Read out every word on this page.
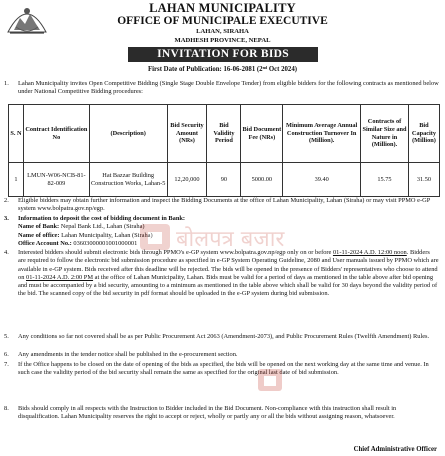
LAHAN MUNICIPALITY
OFFICE OF MUNICIPALE EXECUTIVE
LAHAN, SIRAHA
MADHESH PROVINCE, NEPAL
INVITATION FOR BIDS
First Date of Publication: 16-06-2081 (2ⁿᵈ Oct 2024)
1.	Lahan Municipality invites Open Competitive Bidding (Single Stage Double Envelope Tender) from eligible bidders for the following contracts as mentioned below under National Competitive Bidding procedures:
S. N	Contract Identification No	(Description)	Bid Security Amount (NRs)	Bid Validity Period	Bid Document Fee (NRs)	Minimum Average Annual Construction Turnover In (Million).	Contracts of Similar Size and Nature in (Million).	Bid Capacity (Million)
1	LMUN-W06-NCB-81-82-009	Hat Bazzar Building Construction Works, Lahan-5	12,20,000	90	5000.00	39.40	15.75	31.50
2.	Eligible bidders may obtain further information and inspect the Bidding Documents at the office of Lahan Municipality, Lahan (Siraha) or may visit PPMO e-GP system www.bolpatra.gov.np/egp.
3.	Information to deposit the cost of bidding document in Bank:
Name of Bank: Nepal Bank Ltd., Lahan (Siraha)
Name of office: Lahan Municipality, Lahan (Siraha)
Office Account No.: 03603000001001000001	बोलपत्र बजार
4.	Interested bidders should submit electronic bids through PPMO's e-GP system www.bolpatra.gov.np/egp only on or before 01-11-2024 A.D. 12:00 noon. Bidders are required to follow the electronic bid submission procedure as specified in e-GP System Operating Guideline, 2080 and User manuals issued by PPMO which are available in e-GP system. Bids received after this deadline will be rejected. The bids will be opened in the presence of Bidders' representatives who choose to attend on 01-11-2024 A.D. 2:00 PM at the office of Lahan Municipality, Lahan. Bids must be valid for a period of days as mentioned in the table above after bid opening and must be accompanied by a bid security, amounting to a minimum as mentioned in the table above which shall be valid for 30 days beyond the validity period of the bid. The scanned copy of the bid security in pdf format should be uploaded in the e-GP system during bid submission.
5.	Any conditions so far not covered shall be as per Public Procurement Act 2063 (Amendment-2073), and Public Procurement Rules (Twelfth Amendment) Rules.
6.	Any amendments in the tender notice shall be published in the e-procurement section.
7.	If the Office happens to be closed on the date of opening of the bids as specified, the bids will be opened on the next working day at the same time and venue. In such case the validity period of the bid security shall remain the same as specified for the original last date of bid submission.
8.	Bids should comply in all respects with the Instruction to Bidder included in the Bid Document. Non-compliance with this instruction shall result in disqualification. Lahan Municipality reserves the right to accept or reject, wholly or partly any or all the bids without assigning reason, whatsoever.
Chief Administrative Officer
